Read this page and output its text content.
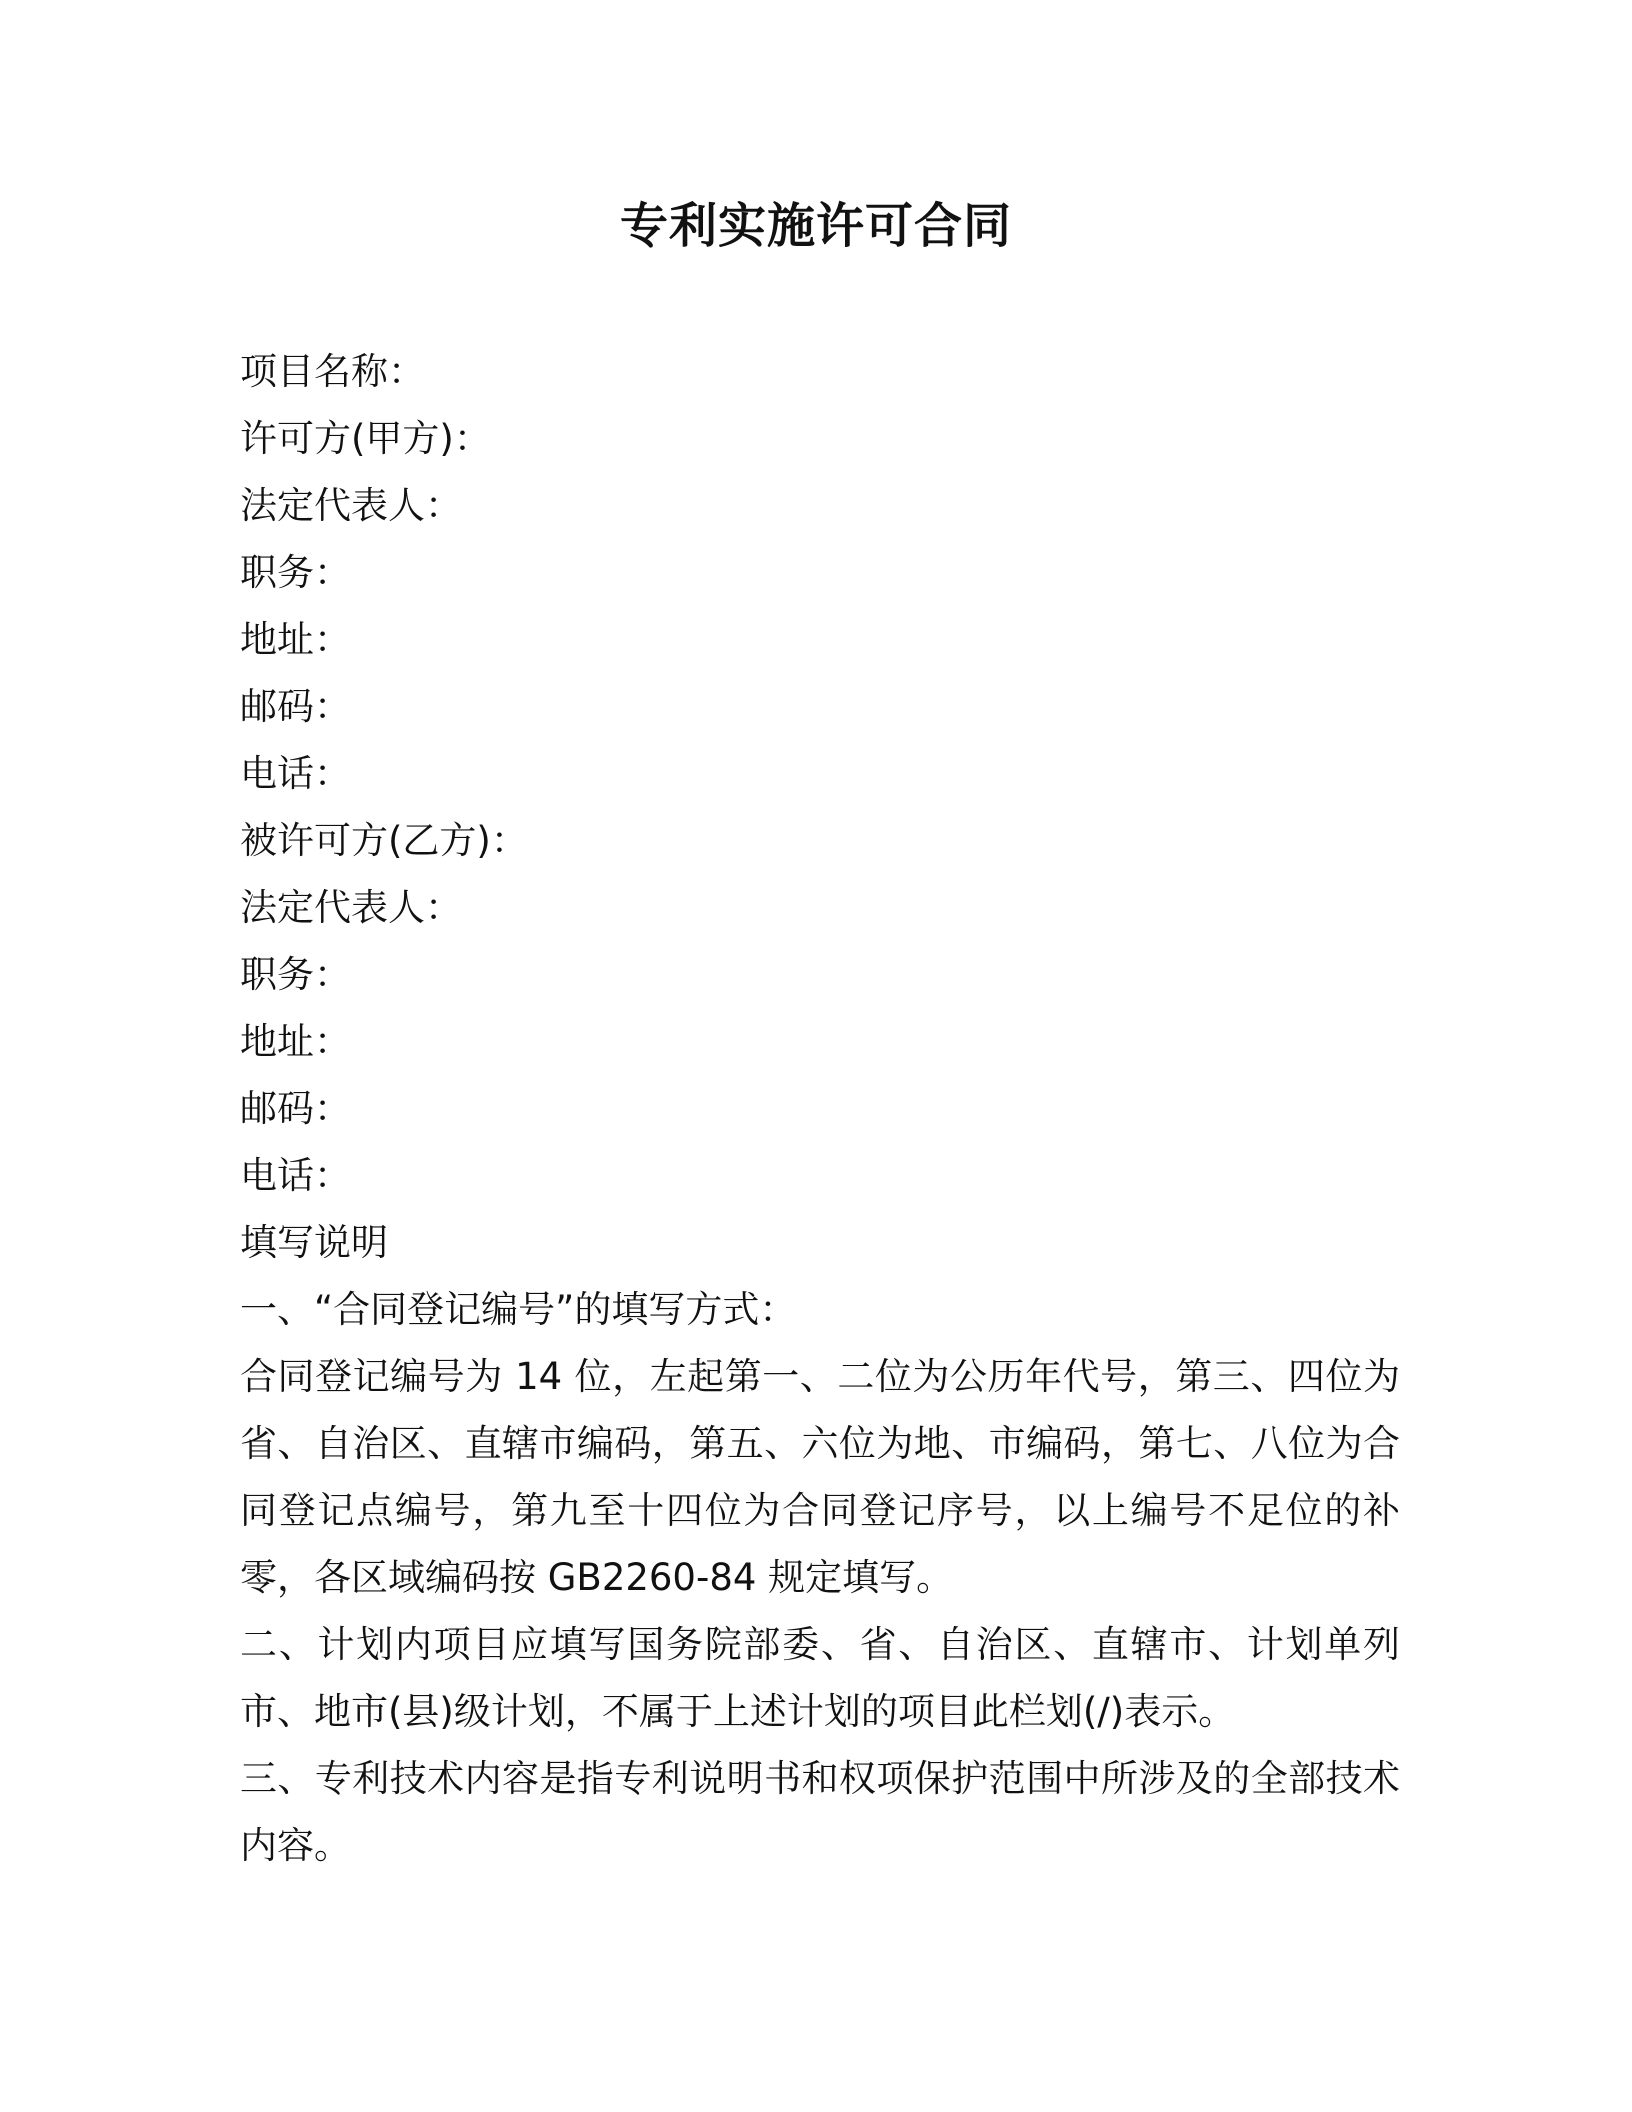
专利实施许可合同

项目名称：

许可方(甲方)：

法定代表人：

职务：

地址：

邮码：

电话：

被许可方(乙方)：

法定代表人：

职务：

地址：

邮码：

电话：

填写说明

一、“合同登记编号”的填写方式：

合同登记编号为 14 位，左起第一、二位为公历年代号，第三、四位为省、自治区、直辖市编码，第五、六位为地、市编码，第七、八位为合同登记点编号，第九至十四位为合同登记序号，以上编号不足位的补零，各区域编码按 GB2260-84 规定填写。

二、计划内项目应填写国务院部委、省、自治区、直辖市、计划单列市、地市(县)级计划，不属于上述计划的项目此栏划(/)表示。

三、专利技术内容是指专利说明书和权项保护范围中所涉及的全部技术内容。
